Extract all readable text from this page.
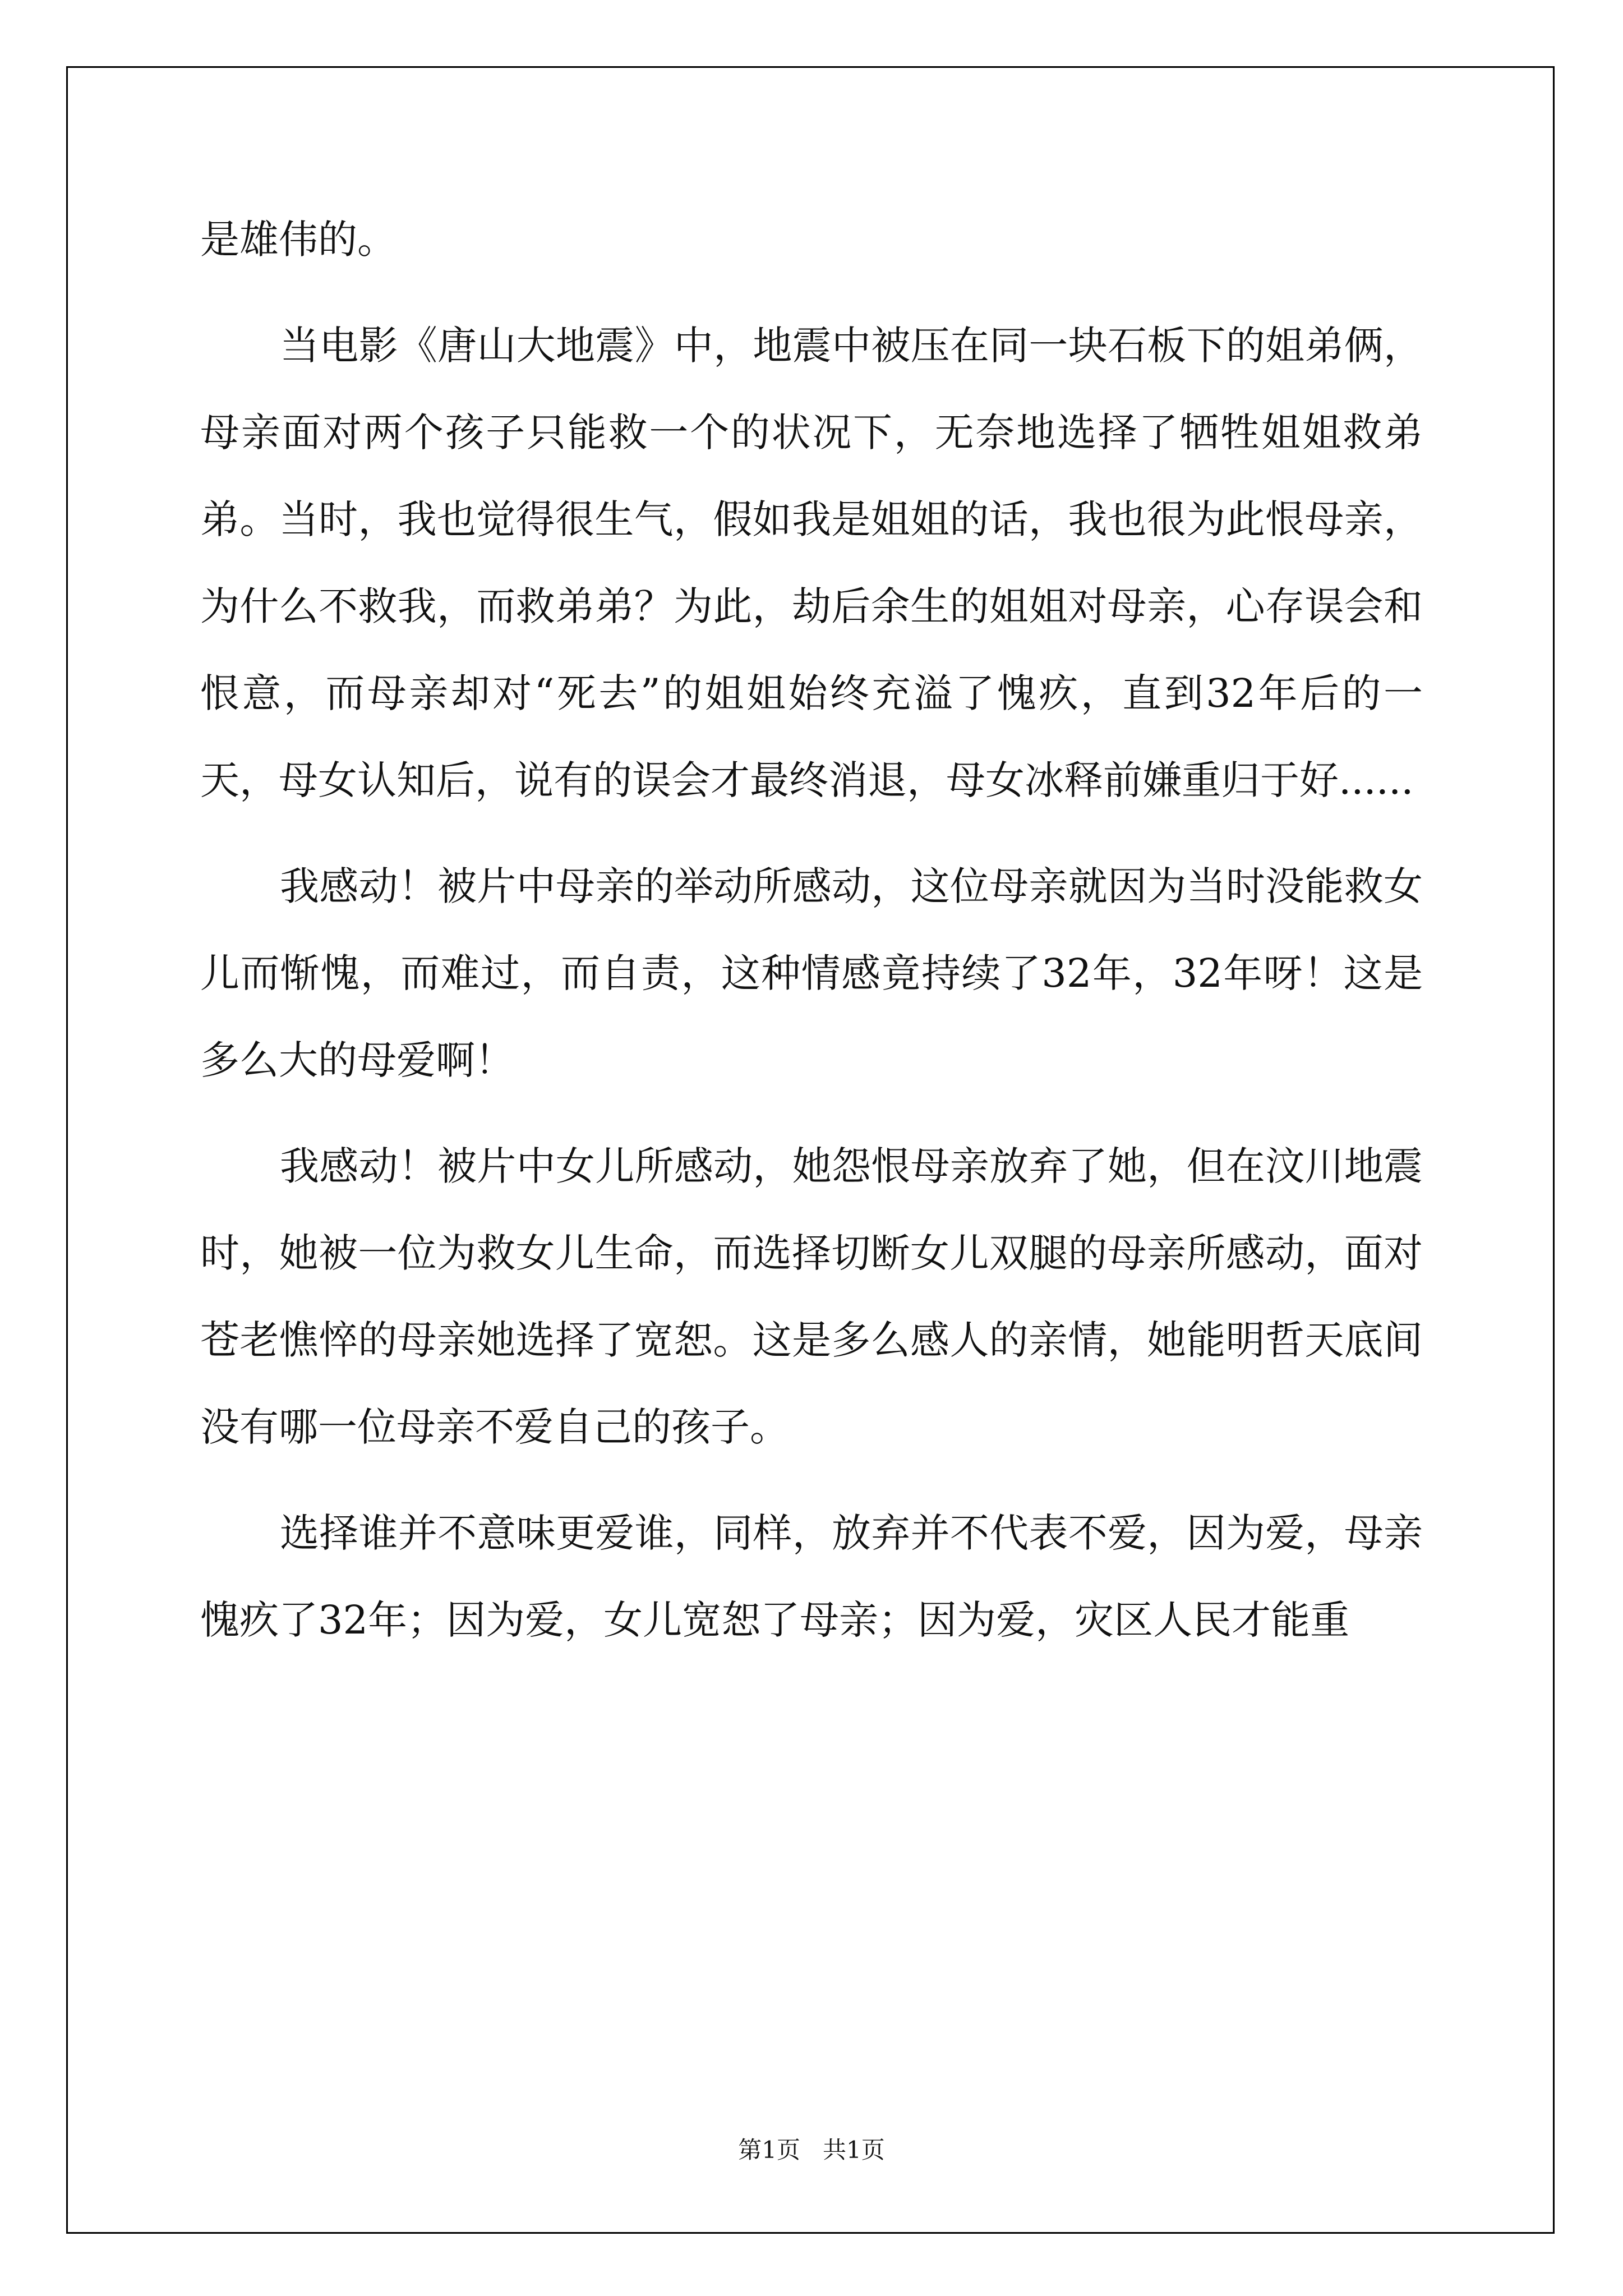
是雄伟的。

当电影《唐山大地震》中，地震中被压在同一块石板下的姐弟俩，母亲面对两个孩子只能救一个的状况下，无奈地选择了牺牲姐姐救弟弟。当时，我也觉得很生气，假如我是姐姐的话，我也很为此恨母亲，为什么不救我，而救弟弟？为此，劫后余生的姐姐对母亲，心存误会和恨意，而母亲却对“死去”的姐姐始终充溢了愧疚，直到32年后的一天，母女认知后，说有的误会才最终消退，母女冰释前嫌重归于好......

我感动！被片中母亲的举动所感动，这位母亲就因为当时没能救女儿而惭愧，而难过，而自责，这种情感竟持续了32年，32年呀！这是多么大的母爱啊！

我感动！被片中女儿所感动，她怨恨母亲放弃了她，但在汶川地震时，她被一位为救女儿生命，而选择切断女儿双腿的母亲所感动，面对苍老憔悴的母亲她选择了宽恕。这是多么感人的亲情，她能明哲天底间没有哪一位母亲不爱自己的孩子。

选择谁并不意味更爱谁，同样，放弃并不代表不爱，因为爱，母亲愧疚了32年；因为爱，女儿宽恕了母亲；因为爱，灾区人民才能重

第1页   共1页
